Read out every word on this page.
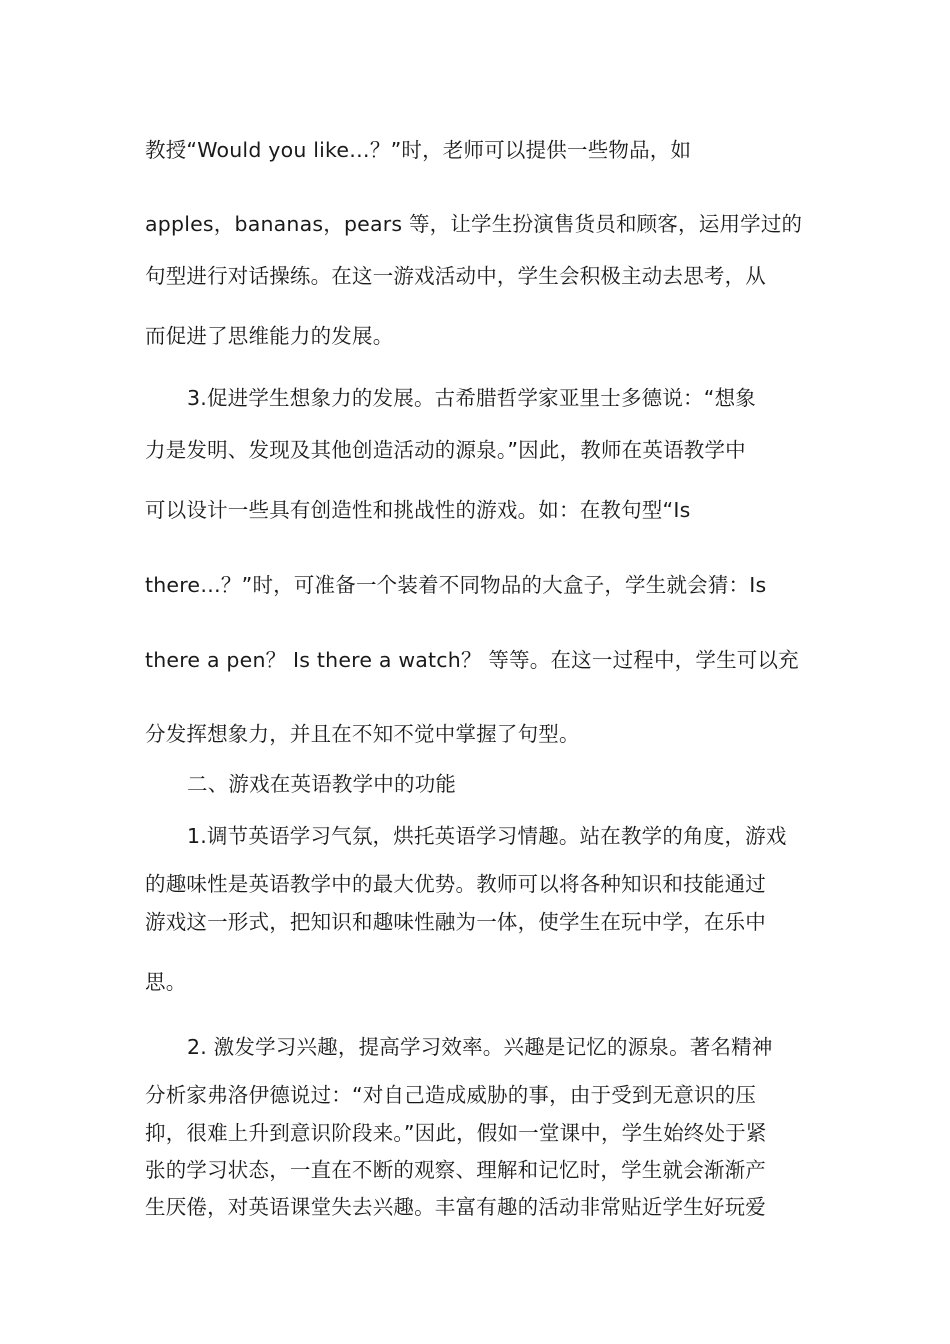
教授“Would you like…？”时，老师可以提供一些物品，如
apples，bananas，pears 等，让学生扮演售货员和顾客，运用学过的
句型进行对话操练。在这一游戏活动中，学生会积极主动去思考，从
而促进了思维能力的发展。
3.促进学生想象力的发展。古希腊哲学家亚里士多德说：“想象
力是发明、发现及其他创造活动的源泉。”因此，教师在英语教学中
可以设计一些具有创造性和挑战性的游戏。如：在教句型“Is
there…？”时，可准备一个装着不同物品的大盒子，学生就会猜：Is
there a pen？ Is there a watch？ 等等。在这一过程中，学生可以充
分发挥想象力，并且在不知不觉中掌握了句型。
二、游戏在英语教学中的功能
1.调节英语学习气氛，烘托英语学习情趣。站在教学的角度，游戏
的趣味性是英语教学中的最大优势。教师可以将各种知识和技能通过
游戏这一形式，把知识和趣味性融为一体，使学生在玩中学，在乐中
思。
2. 激发学习兴趣，提高学习效率。兴趣是记忆的源泉。著名精神
分析家弗洛伊德说过：“对自己造成威胁的事，由于受到无意识的压
抑，很难上升到意识阶段来。”因此，假如一堂课中，学生始终处于紧
张的学习状态，一直在不断的观察、理解和记忆时，学生就会渐渐产
生厌倦，对英语课堂失去兴趣。丰富有趣的活动非常贴近学生好玩爱
